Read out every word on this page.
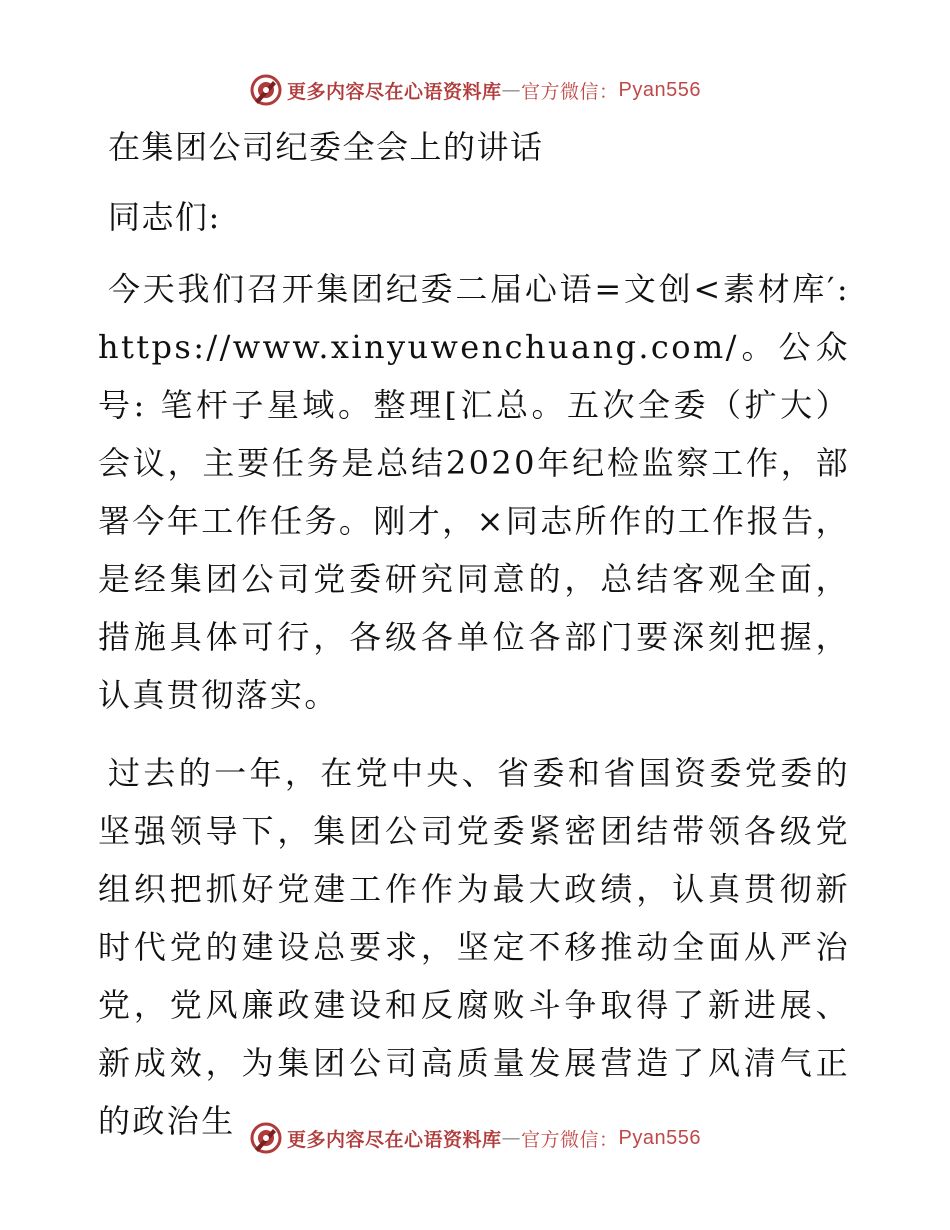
更多内容尽在心语资料库 — 官方微信： Pyan556
在集团公司纪委全会上的讲话
同志们:

今天我们召开集团纪委二届心语=文创<素材库′:https://www.xinyuwenchuang.com/。公众号: 笔杆子星域。整理[汇总。五次全委（扩大）会议，主要任务是总结2020年纪检监察工作，部署今年工作任务。刚才，×同志所作的工作报告，是经集团公司党委研究同意的，总结客观全面，措施具体可行，各级各单位各部门要深刻把握，认真贯彻落实。

过去的一年，在党中央、省委和省国资委党委的坚强领导下，集团公司党委紧密团结带领各级党组织把抓好党建工作作为最大政绩，认真贯彻新时代党的建设总要求，坚定不移推动全面从严治党，党风廉政建设和反腐败斗争取得了新进展、新成效，为集团公司高质量发展营造了风清气正的政治生	更多内容尽在心语资料库 — 官方微信： Pyan556
